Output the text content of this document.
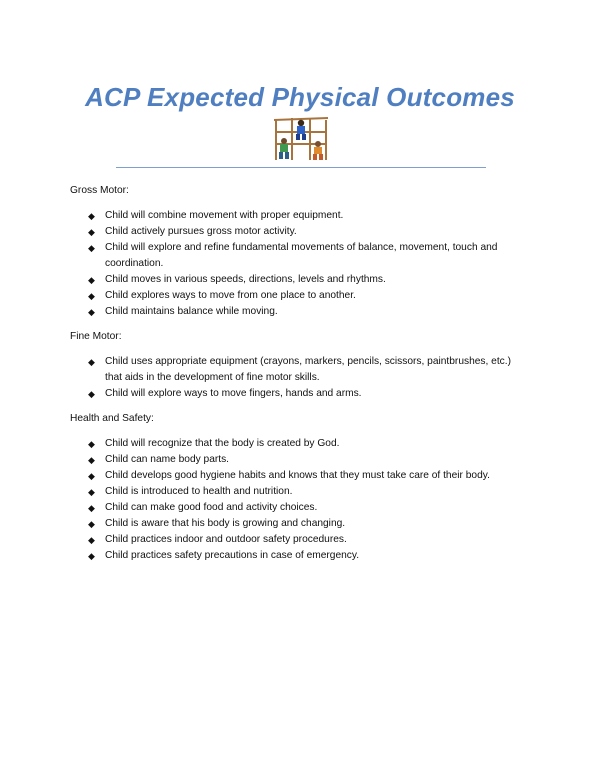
ACP Expected Physical Outcomes
Gross Motor:
◆ Child will combine movement with proper equipment.
◆ Child actively pursues gross motor activity.
◆ Child will explore and refine fundamental movements of balance, movement, touch and coordination.
◆ Child moves in various speeds, directions, levels and rhythms.
◆ Child explores ways to move from one place to another.
◆ Child maintains balance while moving.
Fine Motor:
◆ Child uses appropriate equipment (crayons, markers, pencils, scissors, paintbrushes, etc.) that aids in the development of fine motor skills.
◆ Child will explore ways to move fingers, hands and arms.
Health and Safety:
◆ Child will recognize that the body is created by God.
◆ Child can name body parts.
◆ Child develops good hygiene habits and knows that they must take care of their body.
◆ Child is introduced to health and nutrition.
◆ Child can make good food and activity choices.
◆ Child is aware that his body is growing and changing.
◆ Child practices indoor and outdoor safety procedures.
◆ Child practices safety precautions in case of emergency.
